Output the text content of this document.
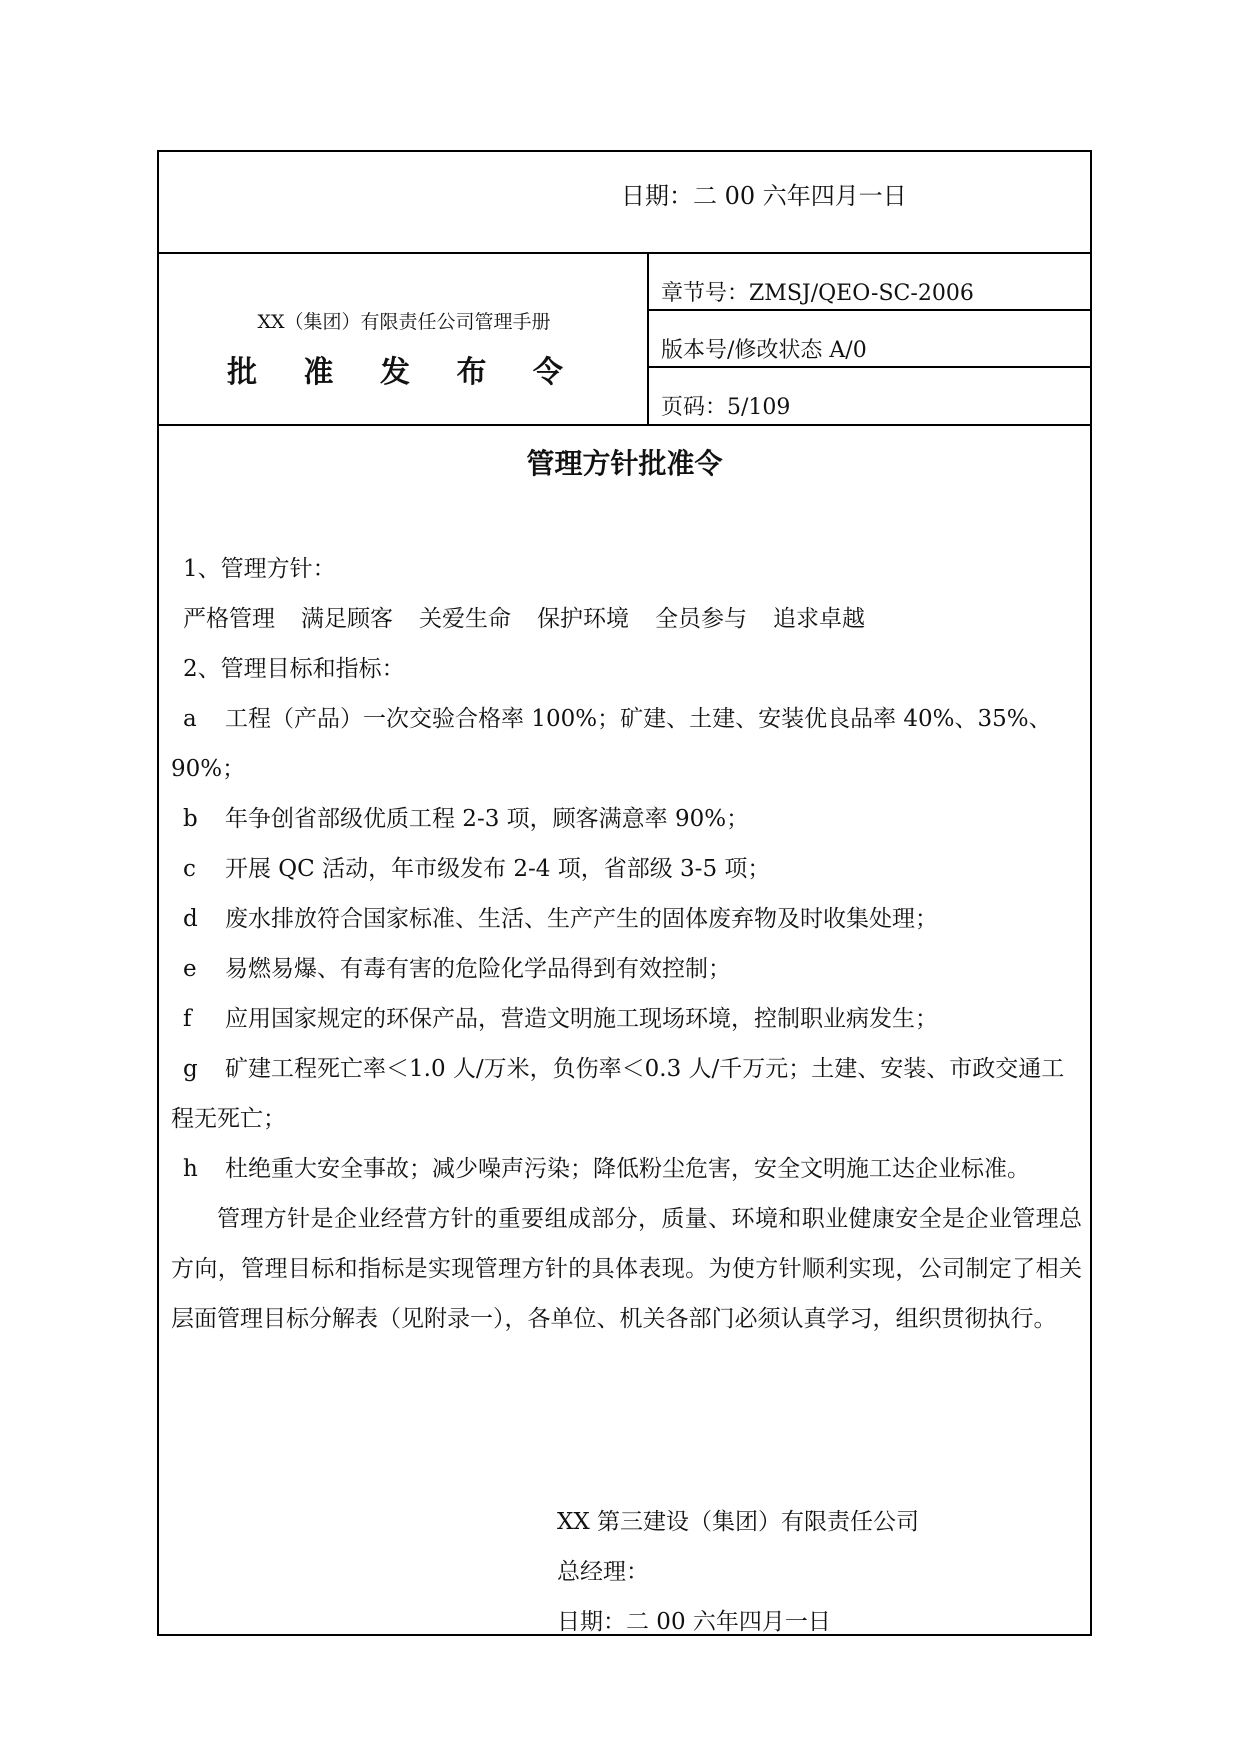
日期：二 00 六年四月一日
XX（集团）有限责任公司管理手册
批 准 发 布 令
章节号：ZMSJ/QEO-SC-2006
版本号/修改状态 A/0
页码：5/109
管理方针批准令

1、管理方针：

严格管理 满足顾客 关爱生命 保护环境 全员参与 追求卓越

2、管理目标和指标：

a 工程（产品）一次交验合格率 100%；矿建、土建、安装优良品率 40%、35%、90%；

b 年争创省部级优质工程 2-3 项，顾客满意率 90%；

c 开展 QC 活动，年市级发布 2-4 项，省部级 3-5 项；

d 废水排放符合国家标准、生活、生产产生的固体废弃物及时收集处理；

e 易燃易爆、有毒有害的危险化学品得到有效控制；

f 应用国家规定的环保产品，营造文明施工现场环境，控制职业病发生；

g 矿建工程死亡率＜1.0 人/万米，负伤率＜0.3 人/千万元；土建、安装、市政交通工程无死亡；

h 杜绝重大安全事故；减少噪声污染；降低粉尘危害，安全文明施工达企业标准。

管理方针是企业经营方针的重要组成部分，质量、环境和职业健康安全是企业管理总方向，管理目标和指标是实现管理方针的具体表现。为使方针顺利实现，公司制定了相关层面管理目标分解表（见附录一），各单位、机关各部门必须认真学习，组织贯彻执行。

XX 第三建设（集团）有限责任公司

总经理：

日期：二 00 六年四月一日
